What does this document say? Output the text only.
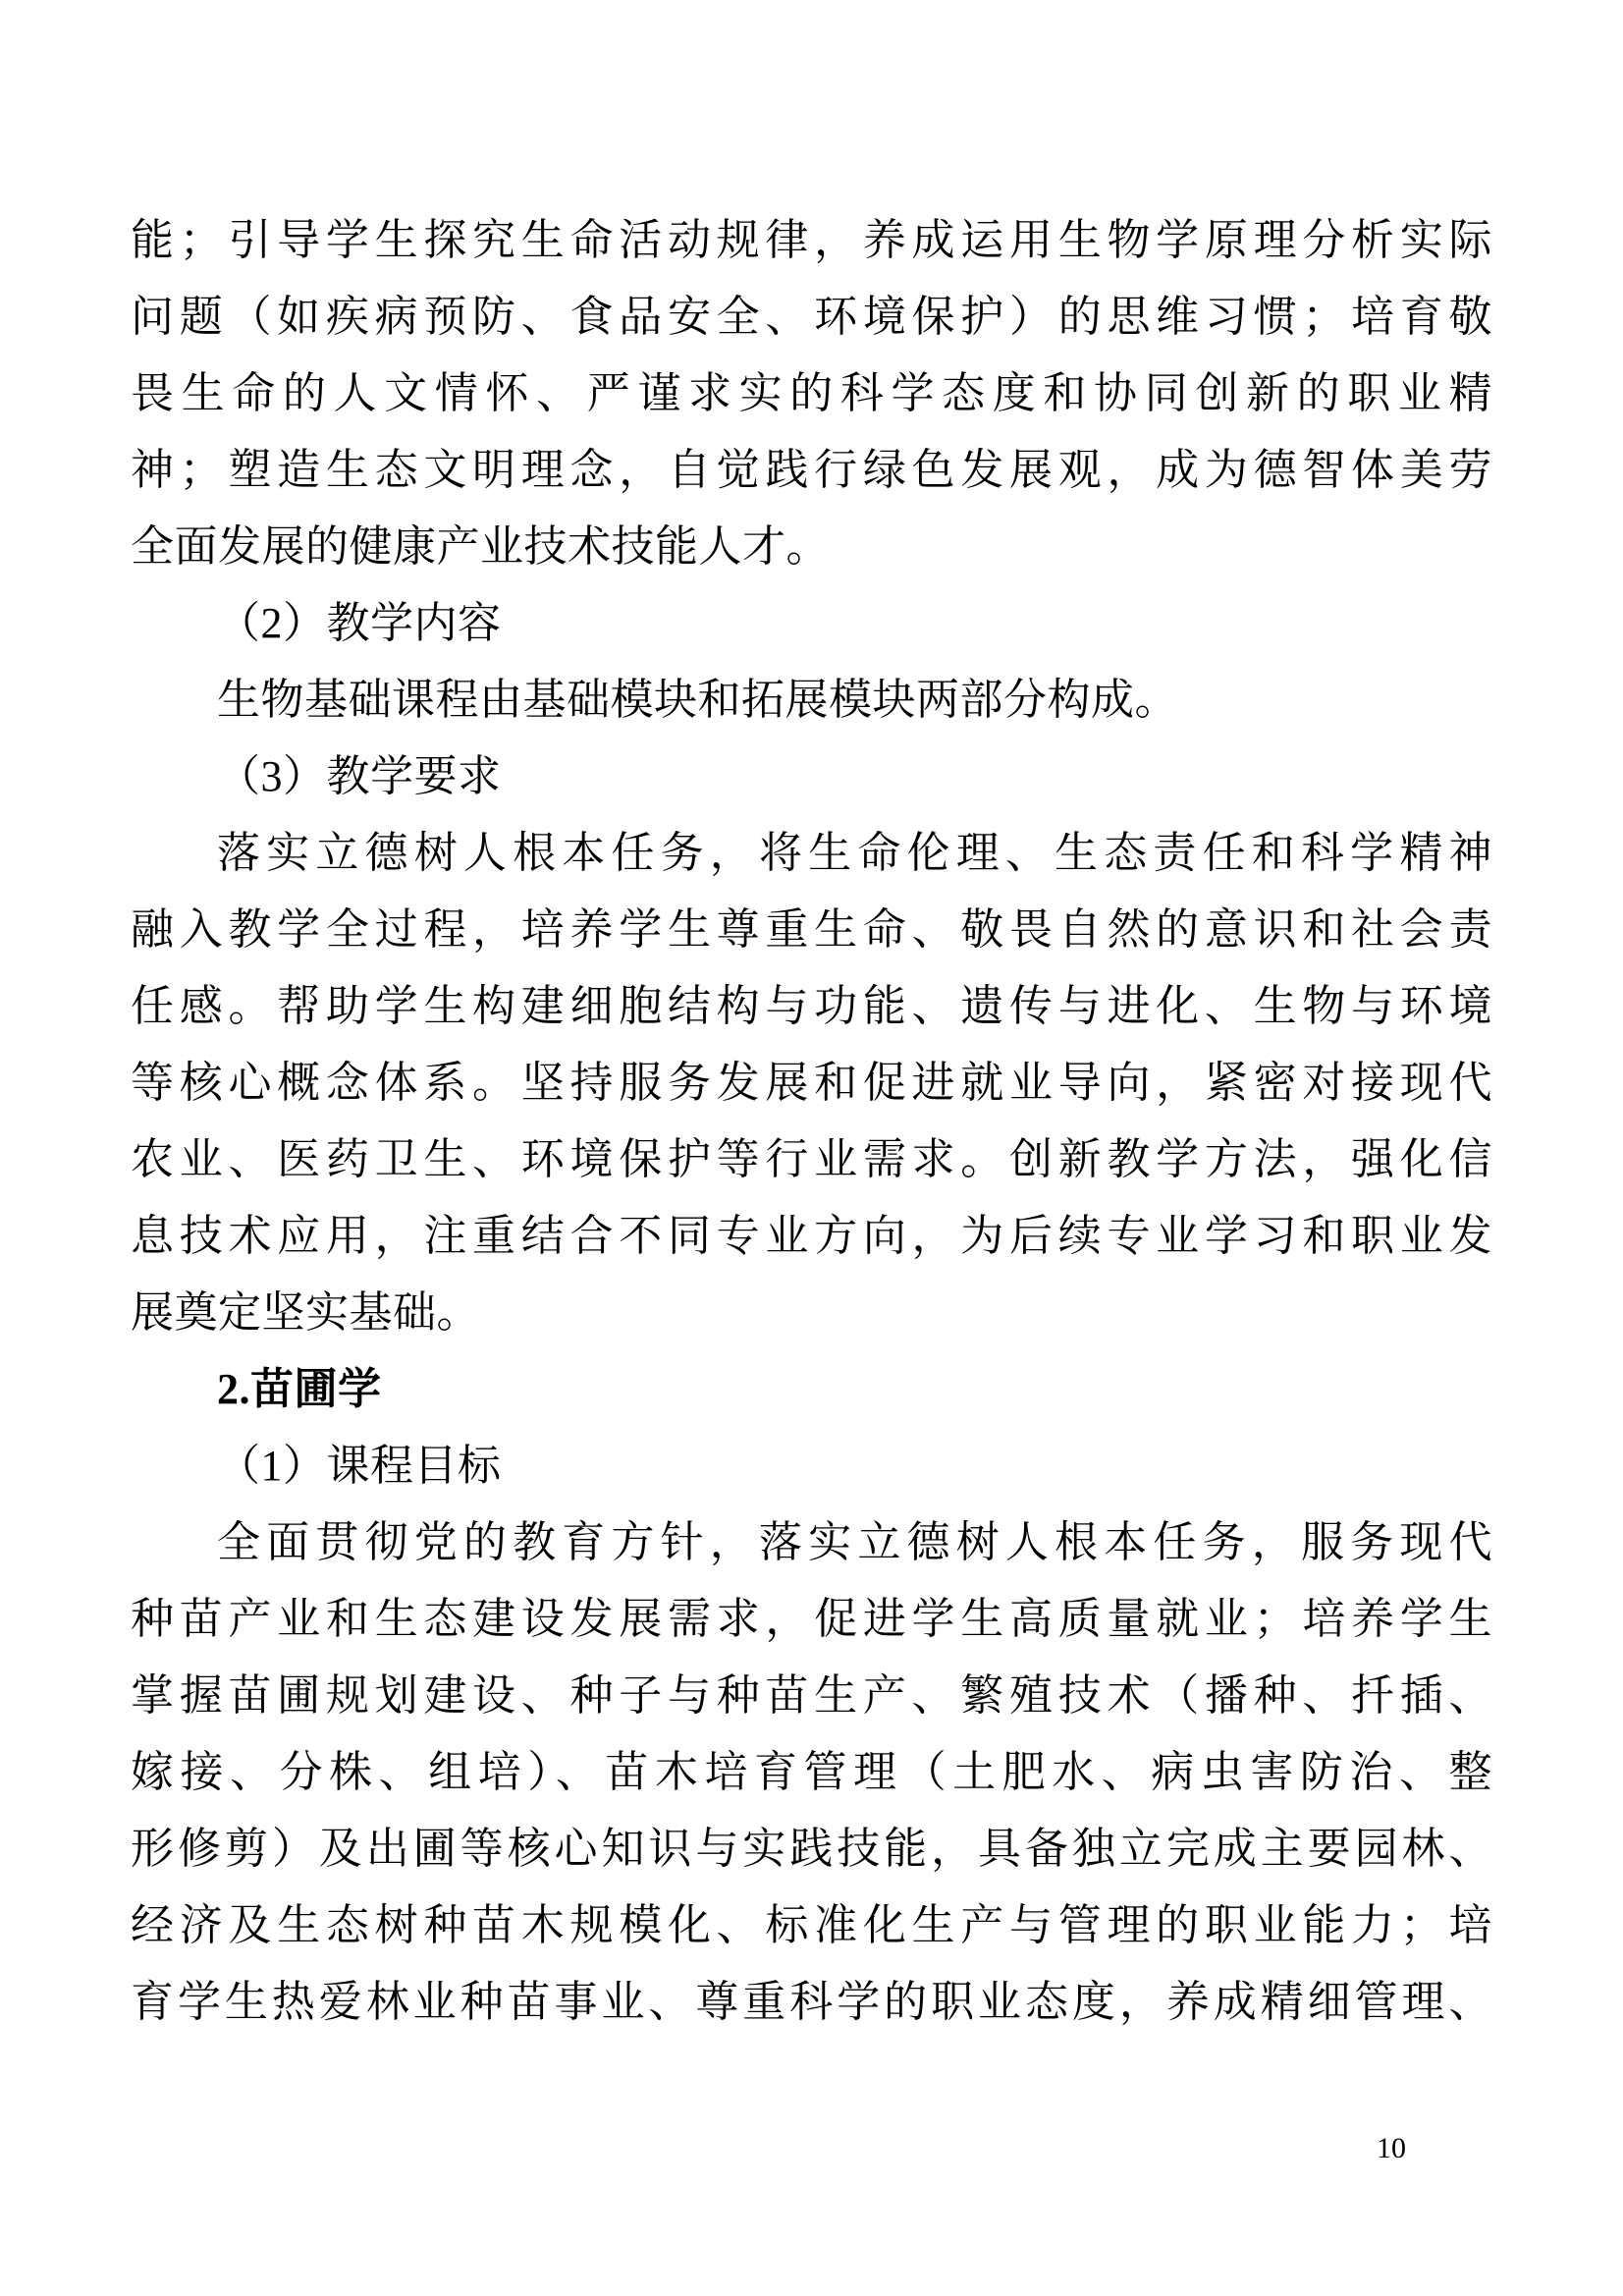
能；引导学生探究生命活动规律，养成运用生物学原理分析实际
问题（如疾病预防、食品安全、环境保护）的思维习惯；培育敬
畏生命的人文情怀、严谨求实的科学态度和协同创新的职业精
神；塑造生态文明理念，自觉践行绿色发展观，成为德智体美劳
全面发展的健康产业技术技能人才。
（2）教学内容
生物基础课程由基础模块和拓展模块两部分构成。
（3）教学要求
落实立德树人根本任务，将生命伦理、生态责任和科学精神
融入教学全过程，培养学生尊重生命、敬畏自然的意识和社会责
任感。帮助学生构建细胞结构与功能、遗传与进化、生物与环境
等核心概念体系。坚持服务发展和促进就业导向，紧密对接现代
农业、医药卫生、环境保护等行业需求。创新教学方法，强化信
息技术应用，注重结合不同专业方向，为后续专业学习和职业发
展奠定坚实基础。
2.苗圃学
（1）课程目标
全面贯彻党的教育方针，落实立德树人根本任务，服务现代
种苗产业和生态建设发展需求，促进学生高质量就业；培养学生
掌握苗圃规划建设、种子与种苗生产、繁殖技术（播种、扦插、
嫁接、分株、组培）、苗木培育管理（土肥水、病虫害防治、整
形修剪）及出圃等核心知识与实践技能，具备独立完成主要园林、
经济及生态树种苗木规模化、标准化生产与管理的职业能力；培
育学生热爱林业种苗事业、尊重科学的职业态度，养成精细管理、
10
